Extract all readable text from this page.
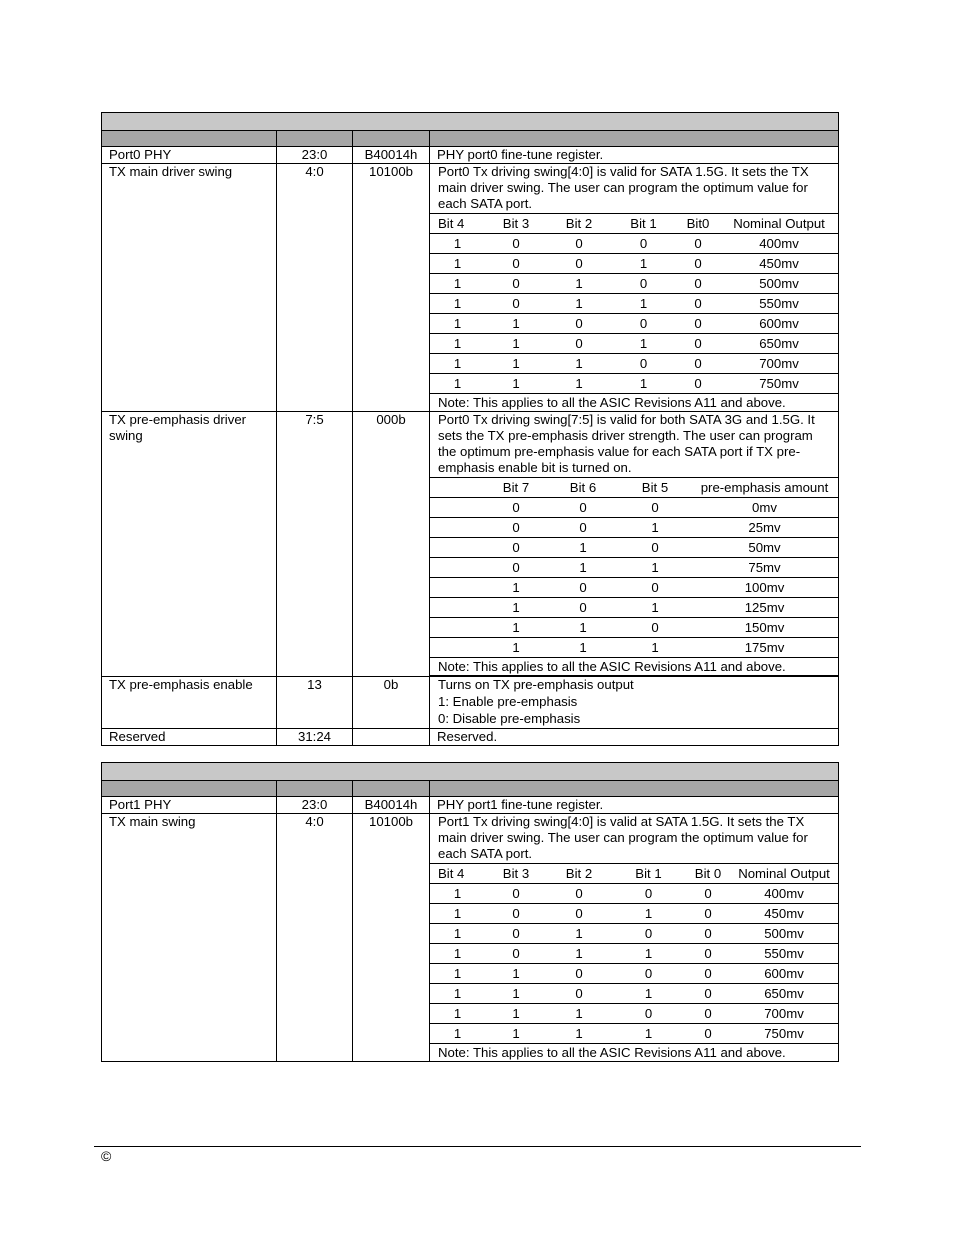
Port0 PHY	23:0	B40014h	PHY port0 fine-tune register.
TX main driver swing	4:0	10100b	Port0 Tx driving swing[4:0] is valid for SATA 1.5G. It sets the TX main driver swing. The user can program the optimum value for each SATA port.
Bit 4	Bit 3	Bit 2	Bit 1	Bit0	Nominal Output
1	0	0	0	0	400mv
1	0	0	1	0	450mv
1	0	1	0	0	500mv
1	0	1	1	0	550mv
1	1	0	0	0	600mv
1	1	0	1	0	650mv
1	1	1	0	0	700mv
1	1	1	1	0	750mv
Note: This applies to all the ASIC Revisions A11 and above.

TX pre-emphasis driver swing	7:5	000b	Port0 Tx driving swing[7:5] is valid for both SATA 3G and 1.5G. It sets the TX pre-emphasis driver strength. The user can program the optimum pre-emphasis value for each SATA port if TX pre-emphasis enable bit is turned on.
	Bit 7	Bit 6	Bit 5	pre-emphasis amount
	0	0	0	0mv
	0	0	1	25mv
	0	1	0	50mv
	0	1	1	75mv
	1	0	0	100mv
	1	0	1	125mv
	1	1	0	150mv
	1	1	1	175mv
Note: This applies to all the ASIC Revisions A11 and above.

TX pre-emphasis enable	13	0b	Turns on TX pre-emphasis output
1: Enable pre-emphasis
0: Disable pre-emphasis

Reserved	31:24		Reserved.

Port1 PHY	23:0	B40014h	PHY port1 fine-tune register.
TX main swing	4:0	10100b	Port1 Tx driving swing[4:0] is valid at SATA 1.5G. It sets the TX main driver swing. The user can program the optimum value for each SATA port.
Bit 4	Bit 3	Bit 2	Bit 1	Bit 0	Nominal Output
1	0	0	0	0	400mv
1	0	0	1	0	450mv
1	0	1	0	0	500mv
1	0	1	1	0	550mv
1	1	0	0	0	600mv
1	1	0	1	0	650mv
1	1	1	0	0	700mv
1	1	1	1	0	750mv
Note: This applies to all the ASIC Revisions A11 and above.
©
